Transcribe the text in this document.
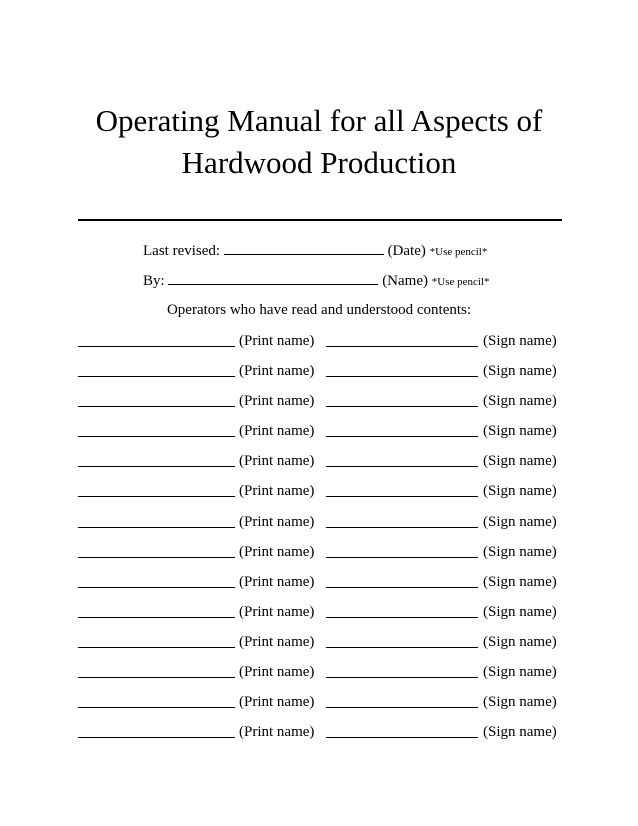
Operating Manual for all Aspects of
Hardwood Production
Last revised:	(Date) *Use pencil*
By:	(Name) *Use pencil*
Operators who have read and understood contents:
(Print name)	(Sign name)
(Print name)	(Sign name)
(Print name)	(Sign name)
(Print name)	(Sign name)
(Print name)	(Sign name)
(Print name)	(Sign name)
(Print name)	(Sign name)
(Print name)	(Sign name)
(Print name)	(Sign name)
(Print name)	(Sign name)
(Print name)	(Sign name)
(Print name)	(Sign name)
(Print name)	(Sign name)
(Print name)	(Sign name)
